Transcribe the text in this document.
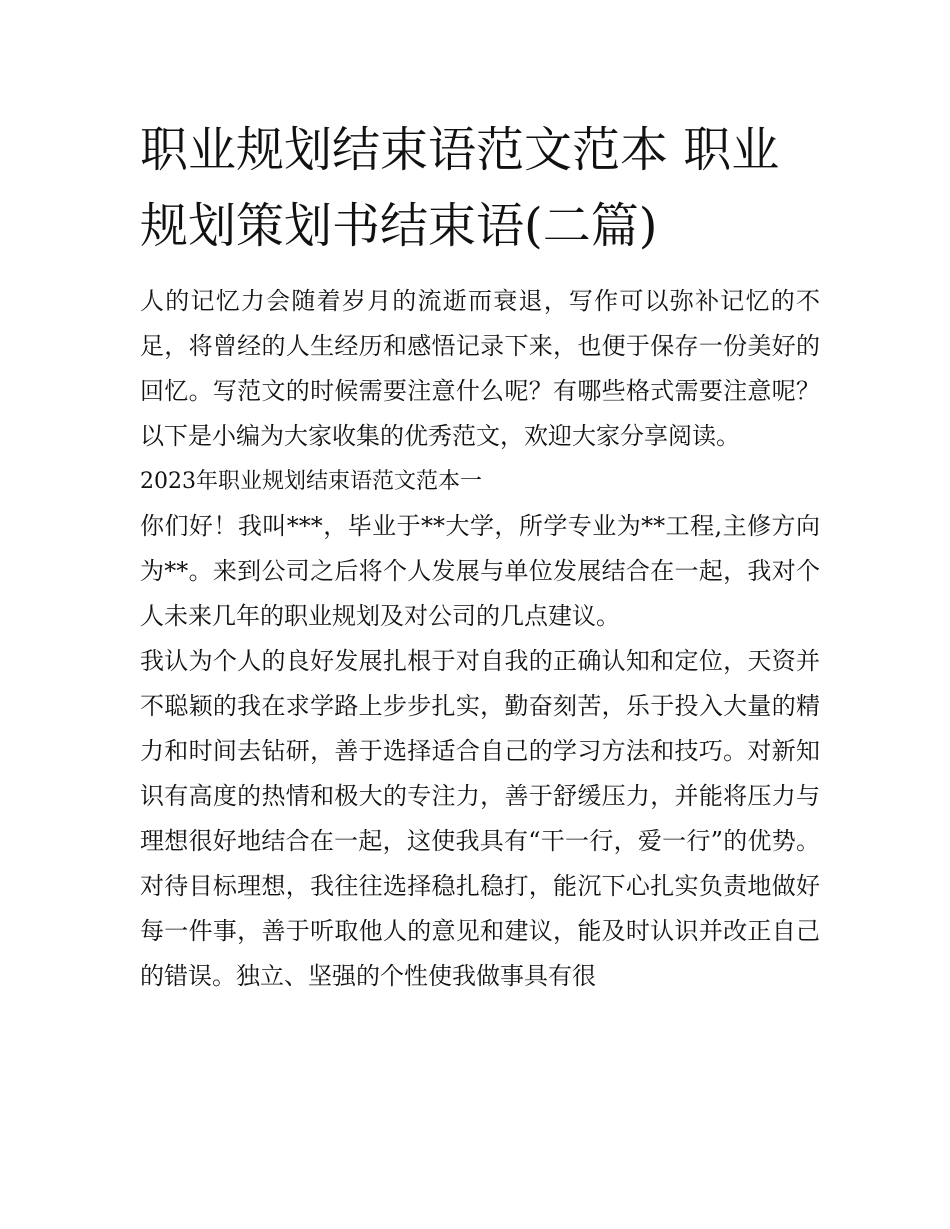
职业规划结束语范文范本 职业规划策划书结束语(二篇)

人的记忆力会随着岁月的流逝而衰退，写作可以弥补记忆的不足，将曾经的人生经历和感悟记录下来，也便于保存一份美好的回忆。写范文的时候需要注意什么呢？有哪些格式需要注意呢？以下是小编为大家收集的优秀范文，欢迎大家分享阅读。

2023年职业规划结束语范文范本一

你们好！我叫***，毕业于**大学，所学专业为**工程,主修方向为**。来到公司之后将个人发展与单位发展结合在一起，我对个人未来几年的职业规划及对公司的几点建议。

我认为个人的良好发展扎根于对自我的正确认知和定位，天资并不聪颖的我在求学路上步步扎实，勤奋刻苦，乐于投入大量的精力和时间去钻研，善于选择适合自己的学习方法和技巧。对新知识有高度的热情和极大的专注力，善于舒缓压力，并能将压力与理想很好地结合在一起，这使我具有“干一行，爱一行”的优势。对待目标理想，我往往选择稳扎稳打，能沉下心扎实负责地做好每一件事，善于听取他人的意见和建议，能及时认识并改正自己的错误。独立、坚强的个性使我做事具有很
